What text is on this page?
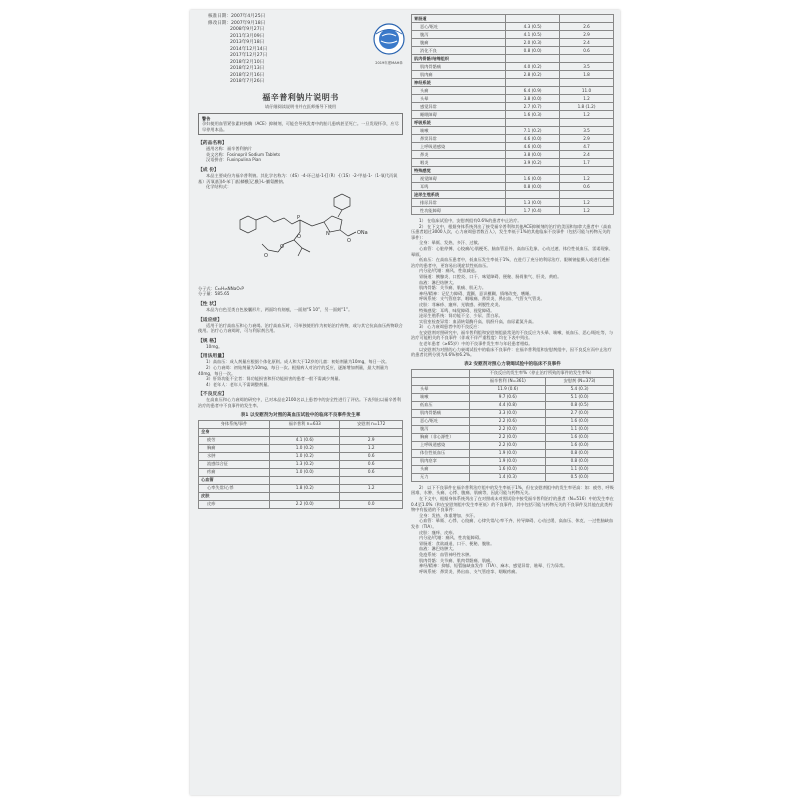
核准日期：2007年4月25日
修改日期：2007年9月18日
2008年9月27日
2011年3月09日
2013年9月18日
2014年12月14日
2017年12月27日
2018年2月10日
2018年2月13日
2018年2月16日
2018年7月26日
2019年度MAH单
福辛普利钠片说明书
请仔细阅读说明书并在医师指导下使用
警告
孕妇使用血管紧张素转换酶（ACE）抑制剂，可能会导致发育中的胎儿患病甚至死亡。一旦发现怀孕，应尽早停用本品。
【药品名称】

通用名称：福辛普利钠片

英文名称：Fosinopril Sodium Tablets

汉语拼音：Fuxinpulina Pian

【成 份】

本品主要成份为福辛普利钠。其化学名称为：（4S）-4-环己基-1-[[（R）-[（1S）-2-甲基-1-（1-氧代丙氧基）丙氧基](4-苯丁基)膦酰]乙酰]-L-脯氨酸钠。

化学结构式：

P
O	N	ONa
O
O
O

分子式：C₃₀H₄₅NNaO₇P

分子量：585.65

【性 状】

本品为白色至类白色胶囊形片，两面均有刻痕，一面刻“S 10”，另一面刻“1”。

【适应症】

适用于治疗高血压和心力衰竭。治疗高血压时，可单独使用作为初始治疗药物，或与其它抗高血压药物联合使用。治疗心力衰竭时，可与利尿剂合用。

【规 格】

10mg。

【用法用量】

1）高血压：成人剂量应根据个体化原则。成人和大于12岁的儿童：初始剂量为10mg，每日一次。

2）心力衰竭：初始剂量为10mg，每日一次。根据病人对治疗的反应，逐渐增加剂量，最大剂量为40mg，每日一次。

3）肝肾功能不全者：肾功能损害和肝功能损害的患者一般不需减少剂量。

4）老年人：老年人不需调整剂量。

【不良反应】

在高血压和心力衰竭的研究中，已对本品在2100名以上患者中的安全性进行了评估。下表列出以福辛普利治疗的患者中不良事件的发生率。

表1 以安慰剂为对照的高血压试验中的临床不良事件发生率
身体系统/事件	福辛普利 n=633	安慰剂 n=172
全身		
疲劳	4.1 (0.6)	2.9
胸痛	1.0 (0.2)	1.2
水肿	1.0 (0.2)	0.6
流感综合征	1.3 (0.2)	0.6
疼痛	1.0 (0.0)	0.6
心血管		
心率失常/心悸	1.8 (0.2)	1.2
皮肤		
皮疹	2.2 (0.0)	0.0
胃肠道		
恶心/呕吐	4.3 (0.5)	2.6
腹泻	4.1 (0.5)	2.9
腹痛	2.0 (0.3)	2.4
消化不良	0.8 (0.0)	0.6
肌肉骨骼/结缔组织		
肌肉骨骼痛	4.0 (0.2)	3.5
肌肉痛	2.8 (0.2)	1.8
神经系统		
头痛	6.4 (0.9)	11.0
头晕	3.8 (0.0)	1.2
感觉异常	2.7 (0.7)	1.8 (1.2)
睡眠障碍	1.6 (0.3)	1.2
呼吸系统		
咳嗽	7.1 (0.2)	3.5
鼻窦异常	4.6 (0.0)	2.9
上呼吸道感染	4.6 (0.0)	4.7
鼻炎	3.8 (0.0)	2.4
咽炎	3.9 (0.2)	1.7
特殊感觉		
视觉障碍	1.6 (0.0)	1.2
耳鸣	0.8 (0.0)	0.6
泌尿生殖系统		
排尿异常	1.3 (0.0)	1.2
性功能障碍	1.7 (0.4)	1.2

1） 在临床试验中，安慰剂组有0.6%的患者中止治疗。

2） 在下文中，根据身体系统列出了接受福辛普利和其他ACE抑制剂的治疗的美国和加拿大患者中（高血压患者超过3000人次，心力衰竭患者数百人），发生率低于1%的其他临床不良事件（包括可能与药物无关的事件）：

全身：晕厥、发热、多汗、过敏。

心血管：心脏停搏、心绞痛/心肌梗死、脑血管意外、高血压危象、心动过速、体位性低血压、雷诺现象、晕厥。

低血压：在高血压患者中，低血压发生率低于1%，在进行了充分的利尿治疗、限制钠盐摄入或进行透析治疗的患者中，更容易出现症状性低血压。

内分泌/代谢：痛风、性欲减退。

胃肠道：胰腺炎、口腔炎、口干、味觉障碍、便秘、肠胃胀气、肝炎、黄疸。

血液：淋巴结肿大。

肌肉骨骼：关节痛、肌痛、肌无力。

神经/精神：记忆力障碍、震颤、意识模糊、情绪改变、嗜睡。

呼吸系统：支气管痉挛、咽喉痛、鼻窦炎、鼻出血、气管支气管炎。

皮肤：荨麻疹、瘙痒、光敏感、剥脱性皮炎。

特殊感觉：耳鸣、味觉障碍、视觉障碍。

泌尿生殖系统：肾功能不全、少尿、蛋白尿。

实验室检查异常：血清转氨酶升高、肌酐升高、血尿素氮升高。

3） 心力衰竭患者中的不良反应：

在安慰剂对照研究中，福辛普利组和安慰剂组最常见的不良反应为头晕、咳嗽、低血压、恶心/呕吐等，与治疗可能相关的不良事件（伴或不伴严重程度）均在下表中列出。

在老年患者（≥65岁）中的不良事件发生率与年轻患者相似。

以安慰剂为对照的心力衰竭试验中的临床不良事件：在福辛普利组和安慰剂组中，因不良反应而中止治疗的患者比例分别为4.6%和6.2%。

表2 安慰剂对照心力衰竭试验中的临床不良事件
	不良反应的发生率%（停止治疗所致的事件的发生率%）	
	福辛普利 (N=361)	安慰剂 (N=373)
头晕	11.9 (0.6)	5.4 (0.3)
咳嗽	9.7 (0.6)	5.1 (0.0)
低血压	4.4 (0.8)	0.8 (0.5)
肌肉骨骼痛	3.3 (0.0)	2.7 (0.0)
恶心/呕吐	2.2 (0.6)	1.6 (0.0)
腹泻	2.2 (0.0)	1.1 (0.0)
胸痛（非心源性）	2.2 (0.0)	1.6 (0.0)
上呼吸道感染	2.2 (0.0)	1.6 (0.0)
体位性低血压	1.9 (0.0)	0.8 (0.0)
肌肉痉挛	1.9 (0.0)	0.8 (0.0)
头痛	1.6 (0.0)	1.1 (0.0)
无力	1.4 (0.3)	0.5 (0.0)

2） 以下不良事件在福辛普利治疗组中的发生率低于1%，但在安慰剂组中的发生率更高：如：疲劳、呼吸困难、水肿、头痛、心悸、腹痛、肌痛等，因此可能与药物无关。

在下文中，根据身体系统列出了在对照或未对照试验中接受福辛普利治疗的患者（N=516）中的发生率在0.4至1.0%（和在安慰剂组中发生率更低）的不良事件，其中包括可能与药物无关的不良事件及其他在此类药物中有报道的不良事件：

全身：发热、体重增加、多汗。

心血管：晕厥、心悸、心绞痛、心律失常/心率不齐、传导障碍、心动过缓、高血压、休克、一过性脑缺血发作（TIA）。

皮肤：瘙痒、皮疹。

内分泌/代谢：痛风、性功能障碍。

胃肠道：食欲减退、口干、便秘、腹胀。

血液：淋巴结肿大。

免疫系统：血管神经性水肿。

肌肉骨骼：关节痛、肌肉骨骼痛、肌痛。

神经/精神：抑郁、短暂脑缺血发作（TIA）、麻木、感觉异常、眩晕、行为异常。

呼吸系统：鼻窦炎、鼻出血、支气管痉挛、咽喉疼痛。
